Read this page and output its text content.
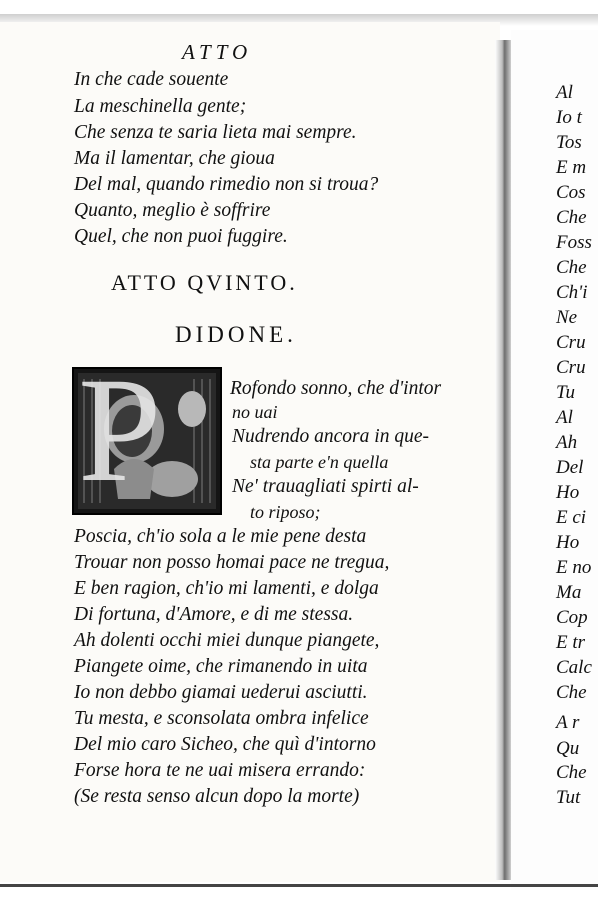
ATTO
In che cade souente
La meschinella gente;
Che senza te saria lieta mai sempre.
Ma il lamentar, che gioua
Del mal, quando rimedio non si troua?
Quanto, meglio è soffrire
Quel, che non puoi fuggire.
ATTO QVINTO.
DIDONE.
P	Rofondo sonno, che d'intor
no uai
Nudrendo ancora in que-
sta parte e'n quella
Ne' trauagliati spirti al-
to riposo;
Poscia, ch'io sola a le mie pene desta
Trouar non posso homai pace ne tregua,
E ben ragion, ch'io mi lamenti, e dolga
Di fortuna, d'Amore, e di me stessa.
Ah dolenti occhi miei dunque piangete,
Piangete oime, che rimanendo in uita
Io non debbo giamai uederui asciutti.
Tu mesta, e sconsolata ombra infelice
Del mio caro Sicheo, che quì d'intorno
Forse hora te ne uai misera errando:
(Se resta senso alcun dopo la morte)
Al
Io t
Tos
E m
Cos
Che
Foss
Che
Ch'i
Ne
Cru
Cru
Tu
Al
Ah
Del
Ho
E ci
Ho
E no
Ma
Cop
E tr
Calc
Che
A r
Qu
Che
Tut
